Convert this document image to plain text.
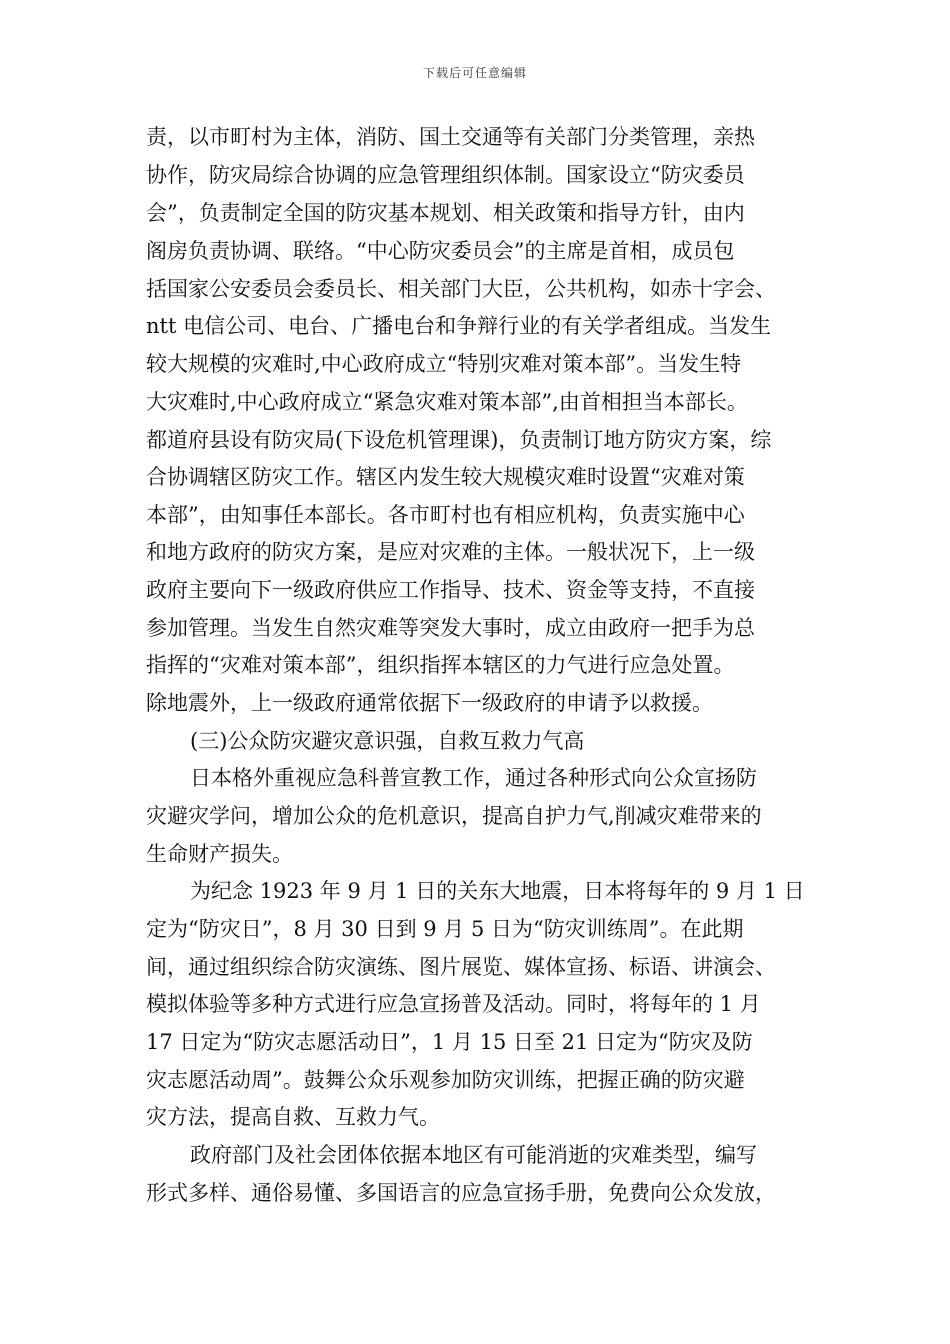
下载后可任意编辑
责，以市町村为主体，消防、国土交通等有关部门分类管理，亲热
协作，防灾局综合协调的应急管理组织体制。国家设立“防灾委员
会”，负责制定全国的防灾基本规划、相关政策和指导方针，由内
阁房负责协调、联络。“中心防灾委员会”的主席是首相，成员包
括国家公安委员会委员长、相关部门大臣，公共机构，如赤十字会、
ntt 电信公司、电台、广播电台和争辩行业的有关学者组成。当发生
较大规模的灾难时,中心政府成立“特别灾难对策本部”。当发生特
大灾难时,中心政府成立“紧急灾难对策本部”,由首相担当本部长。
都道府县设有防灾局(下设危机管理课)，负责制订地方防灾方案，综
合协调辖区防灾工作。辖区内发生较大规模灾难时设置“灾难对策
本部”，由知事任本部长。各市町村也有相应机构，负责实施中心
和地方政府的防灾方案，是应对灾难的主体。一般状况下，上一级
政府主要向下一级政府供应工作指导、技术、资金等支持，不直接
参加管理。当发生自然灾难等突发大事时，成立由政府一把手为总
指挥的“灾难对策本部”，组织指挥本辖区的力气进行应急处置。
除地震外，上一级政府通常依据下一级政府的申请予以救援。
(三)公众防灾避灾意识强，自救互救力气高
日本格外重视应急科普宣教工作，通过各种形式向公众宣扬防
灾避灾学问，增加公众的危机意识，提高自护力气,削减灾难带来的
生命财产损失。
为纪念 1923 年 9 月 1 日的关东大地震，日本将每年的 9 月 1 日
定为“防灾日”，8 月 30 日到 9 月 5 日为“防灾训练周”。在此期
间，通过组织综合防灾演练、图片展览、媒体宣扬、标语、讲演会、
模拟体验等多种方式进行应急宣扬普及活动。同时，将每年的 1 月
17 日定为“防灾志愿活动日”，1 月 15 日至 21 日定为“防灾及防
灾志愿活动周”。鼓舞公众乐观参加防灾训练，把握正确的防灾避
灾方法，提高自救、互救力气。
政府部门及社会团体依据本地区有可能消逝的灾难类型，编写
形式多样、通俗易懂、多国语言的应急宣扬手册，免费向公众发放，
